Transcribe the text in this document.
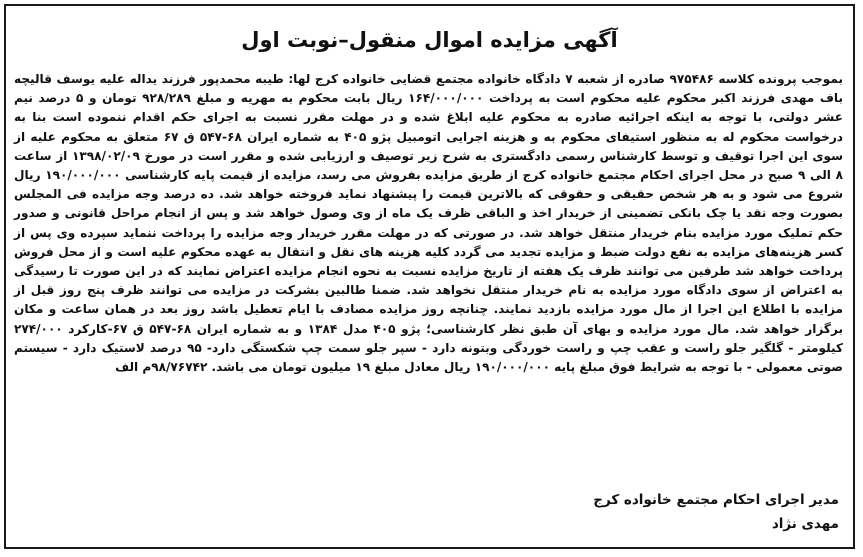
آگهی مزایده اموال منقول–نوبت اول
بموجب پرونده کلاسه ۹۷۵۴۸۶ صادره از شعبه ۷ دادگاه خانواده مجتمع قضایی خانواده کرج لها: طیبه محمدپور فرزند یداله علیه یوسف قالیچه باف مهدی فرزند اکبر محکوم علیه محکوم است به پرداخت ۱۶۴/۰۰۰/۰۰۰ ریال بابت محکوم به مهریه و مبلغ ۹۲۸/۲۸۹ تومان و ۵ درصد نیم عشر دولتی، با توجه به اینکه اجرائیه صادره به محکوم علیه ابلاغ شده و در مهلت مقرر نسبت به اجرای حکم اقدام ننموده است بنا به درخواست محکوم له به منظور استیفای محکوم به و هزینه اجرایی اتومبیل پژو ۴۰۵ به شماره ایران ۶۸-۵۴۷ ق ۶۷ متعلق به محکوم علیه از سوی این اجرا توقیف و توسط کارشناس رسمی دادگستری به شرح زیر توصیف و ارزیابی شده و مقرر است در مورخ ۱۳۹۸/۰۲/۰۹ از ساعت ۸ الی ۹ صبح در محل اجرای احکام مجتمع خانواده کرج از طریق مزایده بفروش می رسد، مزایده از قیمت پایه کارشناسی ۱۹۰/۰۰۰/۰۰۰ ریال شروع می شود و به هر شخص حقیقی و حقوقی که بالاترین قیمت را پیشنهاد نماید فروخته خواهد شد. ده درصد وجه مزایده فی المجلس بصورت وجه نقد یا چک بانکی تضمینی از خریدار اخذ و الباقی ظرف یک ماه از وی وصول خواهد شد و پس از انجام مراحل قانونی و صدور حکم تملیک مورد مزایده بنام خریدار منتقل خواهد شد. در صورتی که در مهلت مقرر خریدار وجه مزایده را پرداخت ننماید سپرده وی پس از کسر هزینه‌های مزایده به نفع دولت ضبط و مزایده تجدید می گردد کلیه هزینه های نقل و انتقال به عهده محکوم علیه است و از محل فروش پرداخت خواهد شد طرفین می توانند ظرف یک هفته از تاریخ مزایده نسبت به نحوه انجام مزایده اعتراض نمایند که در این صورت تا رسیدگی به اعتراض از سوی دادگاه مورد مزایده به نام خریدار منتقل نخواهد شد. ضمنا طالبین بشرکت در مزایده می توانند ظرف پنج روز قبل از مزایده با اطلاع این اجرا از مال مورد مزایده بازدید نمایند. چنانچه روز مزایده مصادف با ایام تعطیل باشد روز بعد در همان ساعت و مکان برگزار خواهد شد. مال مورد مزایده و بهای آن طبق نظر کارشناسی؛ پژو ۴۰۵ مدل ۱۳۸۴ و به شماره ایران ۶۸-۵۴۷ ق ۶۷-کارکرد ۲۷۴/۰۰۰ کیلومتر - گلگیر جلو راست و عقب چپ و راست خوردگی وبتونه دارد - سپر جلو سمت چپ شکستگی دارد- ۹۵ درصد لاستیک دارد - سیستم صوتی معمولی - با توجه به شرایط فوق مبلغ پایه ۱۹۰/۰۰۰/۰۰۰ ریال معادل مبلغ ۱۹ میلیون تومان می باشد. ۹۸/۷۶۷۴۲م الف
مدیر اجرای احکام مجتمع خانواده کرج
مهدی نژاد
